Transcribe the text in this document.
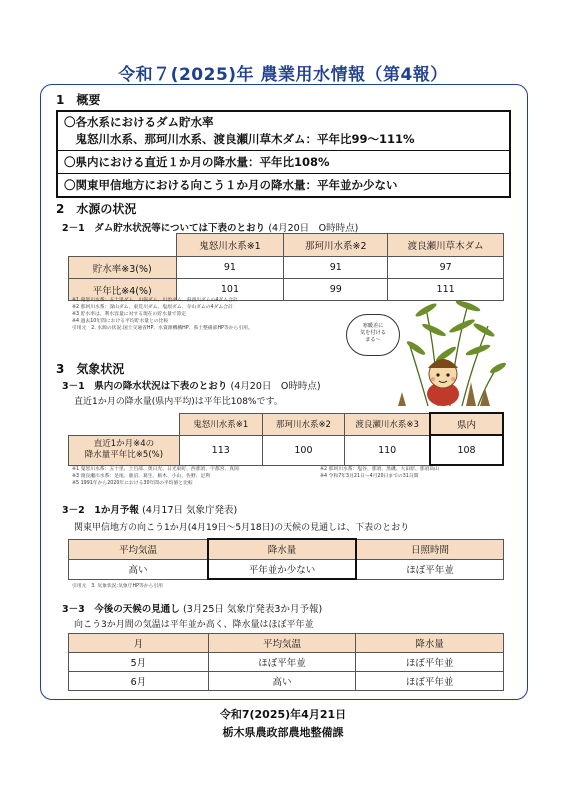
令和７(2025)年 農業用水情報（第4報）
1　概要
〇各水系におけるダム貯水率
　鬼怒川水系、那珂川水系、渡良瀬川草木ダム：平年比99～111%
〇県内における直近１か月の降水量：平年比108%
〇関東甲信地方における向こう１か月の降水量：平年並か少ない
2　水源の状況
2－1　ダム貯水状況等については下表のとおり (4月20日　O時時点)
	鬼怒川水系※1	那珂川水系※2	渡良瀬川草木ダム
貯水率※3(%)	91	91	97
平年比※4(%)	101	99	111
※1 鬼怒川水系：五十里ダム、川俣ダム、川治ダム、湯西川ダムの4ダム合計
※2 那珂川水系：深山ダム、東荒川ダム、塩原ダム、寺山ダムの4ダム合計
※3 貯水率は、利水容量に対する現在の貯水量で算定
※4 過去10年間における平均貯水量との比較
引用元　2. 水源の状況:国土交通省HP、水資源機構HP、県土整備部HP等から引用。	寒暖差に
気を付ける
まる～
3　気象状況
3－1　県内の降水状況は下表のとおり (4月20日　O時時点)
直近1か月の降水量(県内平均)は平年比108%です。
	鬼怒川水系※1	那珂川水系※2	渡良瀬川水系※3	県内
直近1か月※4の
降水量平年比※5(%)	113	100	110	108
※1 鬼怒川水系：五十里、土呂部、奥日光、日光東町、西那須、宇都宮、真岡
※3 渡良瀬川水系：足尾、鹿沼、葛生、栃木、小山、佐野、足利
※5 1991年から2020年における30年間の平均値と比較
※2 那珂川水系：塩谷、那須、黒磯、大田原、那須烏山
※4 令和7年3月21日～4月20日までの31日間
3－2　1か月予報 (4月17日 気象庁発表)
関東甲信地方の向こう1か月(4月19日～5月18日)の天候の見通しは、下表のとおり
平均気温	降水量	日照時間
高い	平年並か少ない	ほぼ平年並
引用元　3. 気象状況:気象庁HP等から引用
3－3　今後の天候の見通し (3月25日 気象庁発表3か月予報)
向こう3か月間の気温は平年並か高く、降水量はほぼ平年並
月	平均気温	降水量
5月	ほぼ平年並	ほぼ平年並
6月	高い	ほぼ平年並
令和7(2025)年4月21日
栃木県農政部農地整備課
